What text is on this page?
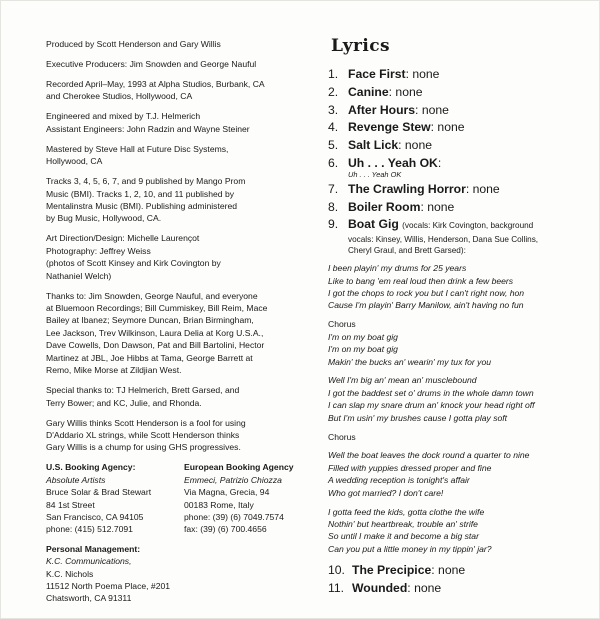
Produced by Scott Henderson and Gary Willis

Executive Producers: Jim Snowden and George Nauful

Recorded April–May, 1993 at Alpha Studios, Burbank, CA
and Cherokee Studios, Hollywood, CA

Engineered and mixed by T.J. Helmerich
Assistant Engineers: John Radzin and Wayne Steiner

Mastered by Steve Hall at Future Disc Systems,
Hollywood, CA

Tracks 3, 4, 5, 6, 7, and 9 published by Mango Prom
Music (BMI). Tracks 1, 2, 10, and 11 published by
Mentalinstra Music (BMI). Publishing administered
by Bug Music, Hollywood, CA.

Art Direction/Design: Michelle Laurençot
Photography: Jeffrey Weiss
(photos of Scott Kinsey and Kirk Covington by
Nathaniel Welch)

Thanks to: Jim Snowden, George Nauful, and everyone
at Bluemoon Recordings; Bill Cummiskey, Bill Reim, Mace
Bailey at Ibanez; Seymore Duncan, Brian Birmingham,
Lee Jackson, Trev Wilkinson, Laura Delia at Korg U.S.A.,
Dave Cowells, Don Dawson, Pat and Bill Bartolini, Hector
Martinez at JBL, Joe Hibbs at Tama, George Barrett at
Remo, Mike Morse at Zildjian West.

Special thanks to: TJ Helmerich, Brett Garsed, and
Terry Bower; and KC, Julie, and Rhonda.

Gary Willis thinks Scott Henderson is a fool for using
D'Addario XL strings, while Scott Henderson thinks
Gary Willis is a chump for using GHS progressives.

U.S. Booking Agency:
Absolute Artists
Bruce Solar & Brad Stewart
84 1st Street
San Francisco, CA 94105
phone: (415) 512.7091
European Booking Agency
Emmeci, Patrizio Chiozza
Via Magna, Grecia, 94
00183 Rome, Italy
phone: (39) (6) 7049.7574
fax: (39) (6) 700.4656
Personal Management:
K.C. Communications,
K.C. Nichols
11512 North Poema Place, #201
Chatsworth, CA 91311
Lyrics
1. Face First: none
2. Canine: none
3. After Hours: none
4. Revenge Stew: none
5. Salt Lick: none
6. Uh . . . Yeah OK:
Uh . . . Yeah OK
7. The Crawling Horror: none
8. Boiler Room: none
9. Boat Gig (vocals: Kirk Covington, background
vocals: Kinsey, Willis, Henderson, Dana Sue Collins,
Cheryl Graul, and Brett Garsed):

I been playin' my drums for 25 years
Like to bang 'em real loud then drink a few beers
I got the chops to rock you but I can't right now, hon
Cause I'm playin' Barry Manilow, ain't having no fun

Chorus
I'm on my boat gig
I'm on my boat gig
Makin' the bucks an' wearin' my tux for you

Well I'm big an' mean an' musclebound
I got the baddest set o' drums in the whole damn town
I can slap my snare drum an' knock your head right off
But I'm usin' my brushes cause I gotta play soft

Chorus

Well the boat leaves the dock round a quarter to nine
Filled with yuppies dressed proper and fine
A wedding reception is tonight's affair
Who got married? I don't care!

I gotta feed the kids, gotta clothe the wife
Nothin' but heartbreak, trouble an' strife
So until I make it and become a big star
Can you put a little money in my tippin' jar?

10. The Precipice: none
11. Wounded: none
